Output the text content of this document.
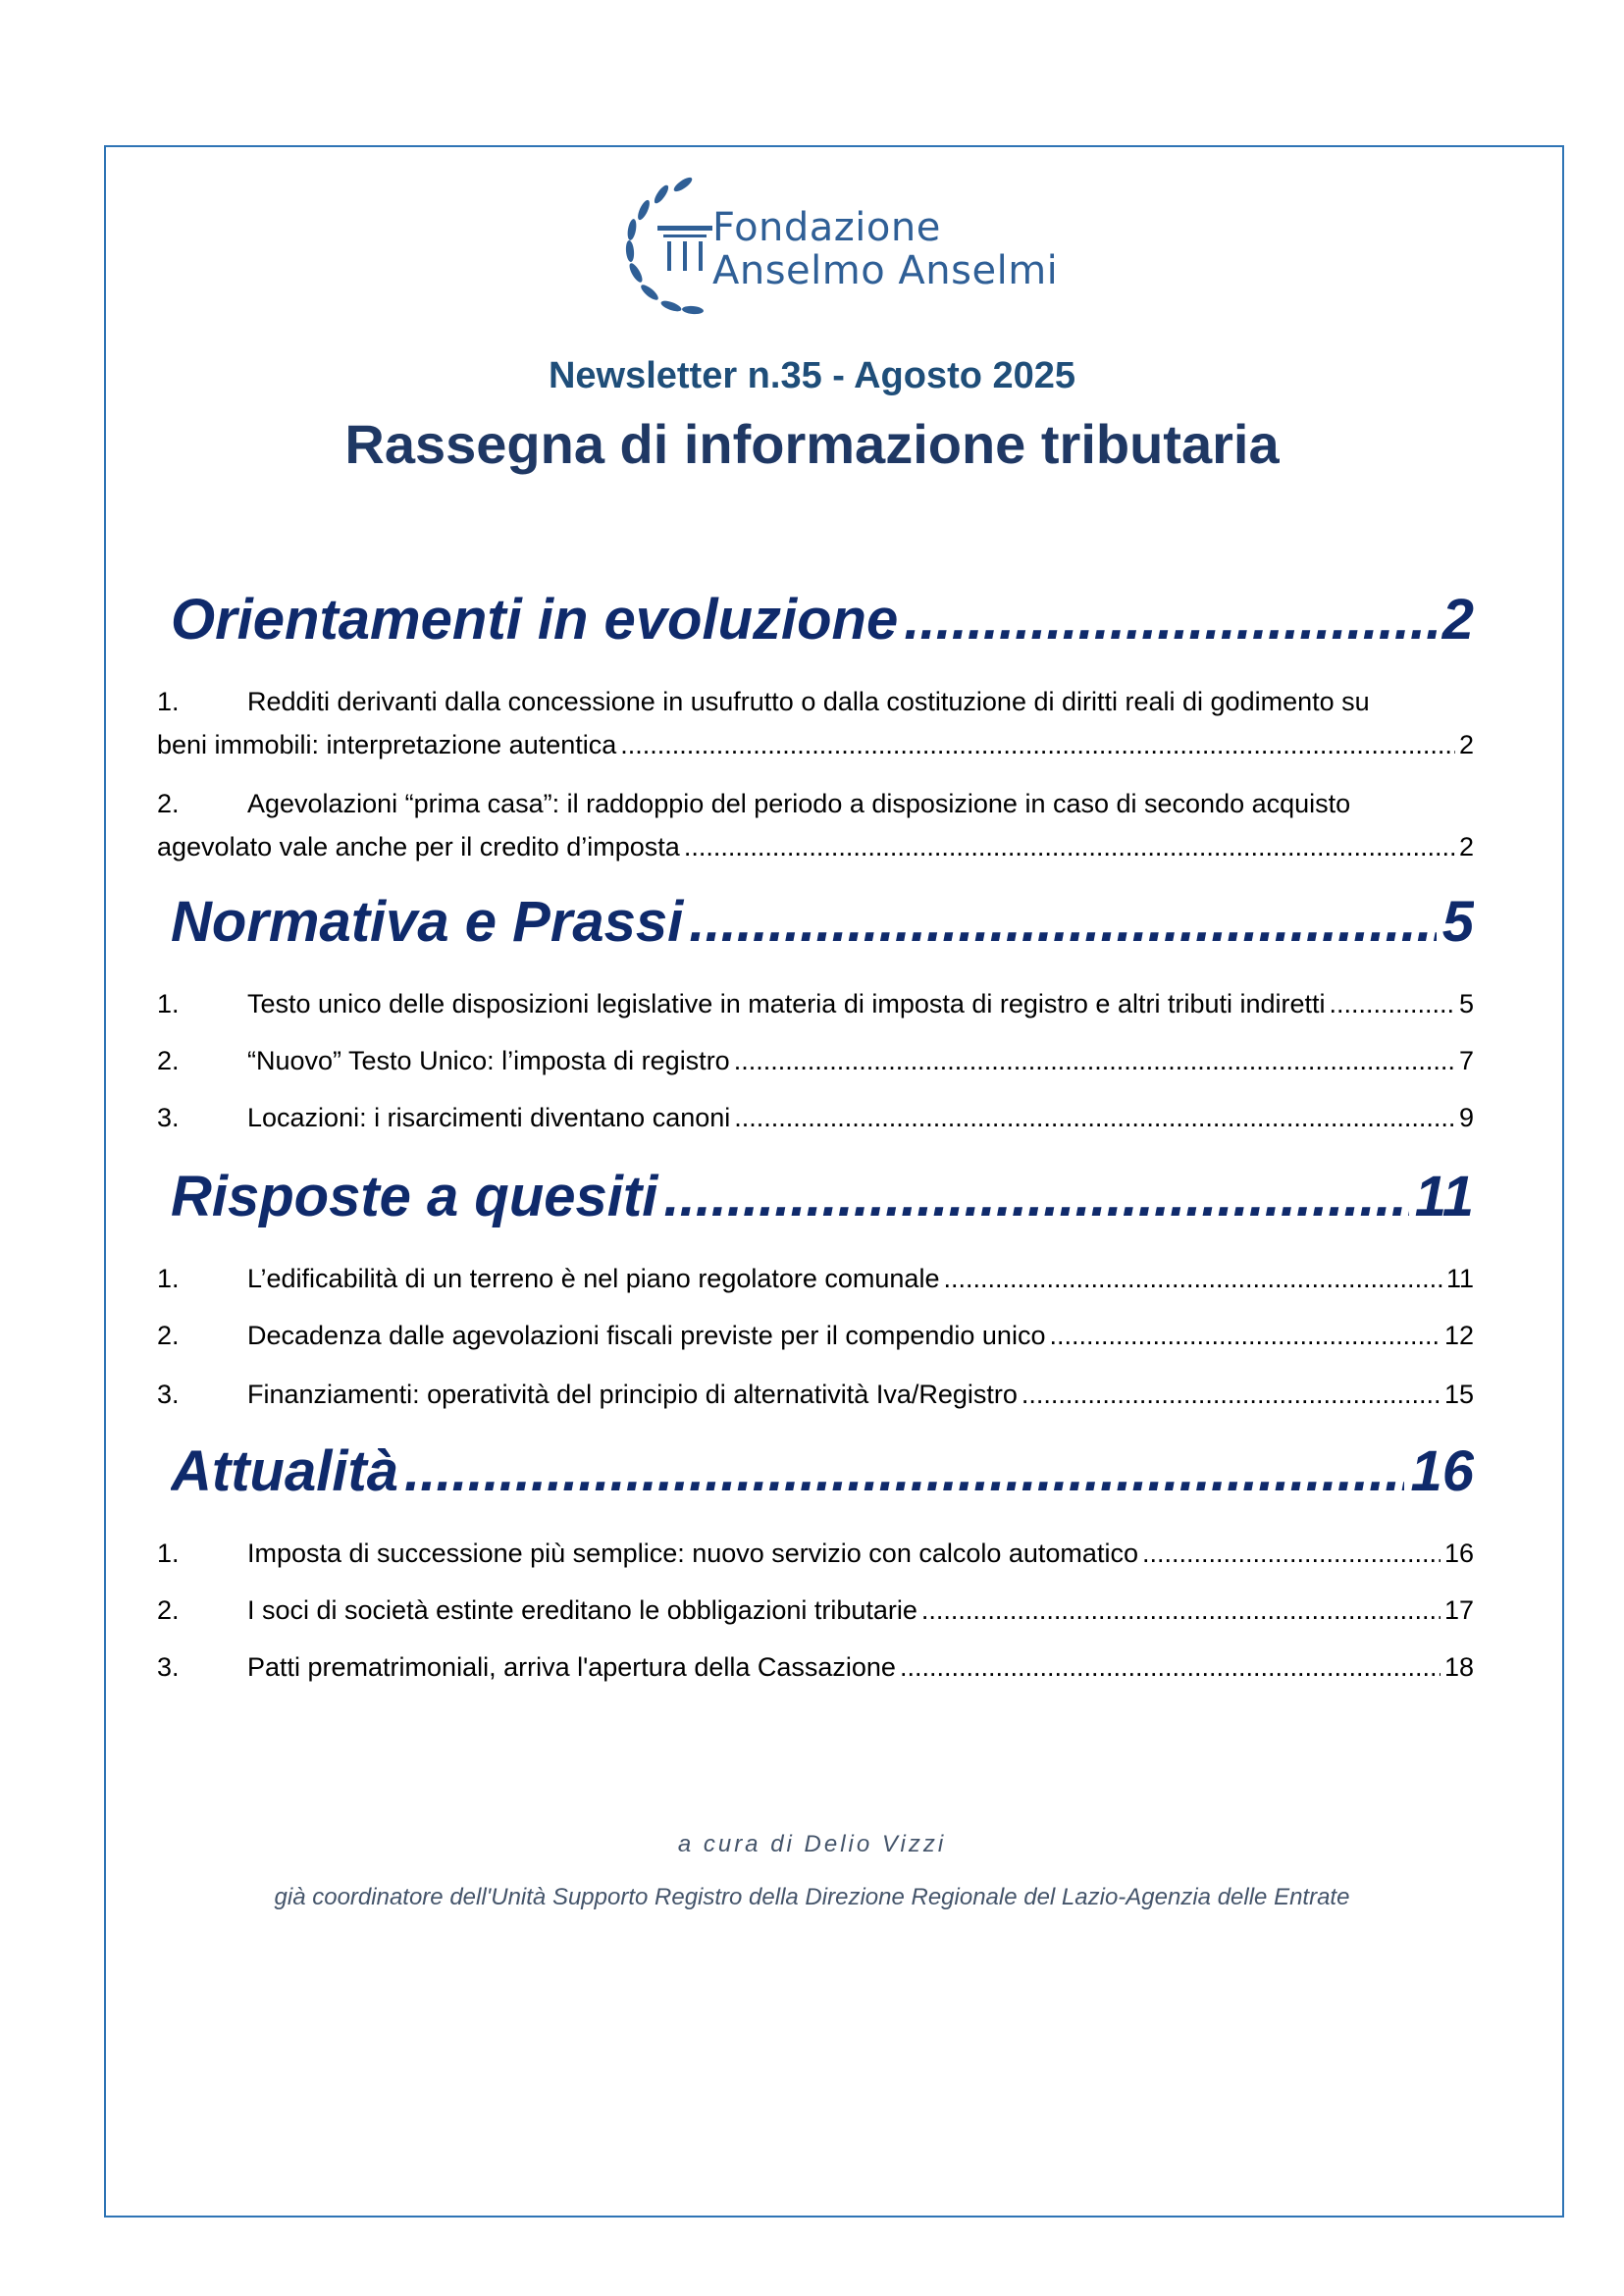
Fondazione
Anselmo Anselmi
Newsletter n.35 - Agosto 2025
Rassegna di informazione tributaria
Orientamenti in evoluzione .....	2
1.	Redditi derivanti dalla concessione in usufrutto o dalla costituzione di diritti reali di godimento su
beni immobili: interpretazione autentica .....	2
2.	Agevolazioni “prima casa”: il raddoppio del periodo a disposizione in caso di secondo acquisto
agevolato vale anche per il credito d’imposta .....	2
Normativa e Prassi .....	5
1.	Testo unico delle disposizioni legislative in materia di imposta di registro e altri tributi indiretti .....	5
2.	“Nuovo” Testo Unico: l’imposta di registro .....	7
3.	Locazioni: i risarcimenti diventano canoni .....	9
Risposte a quesiti .....	11
1.	L’edificabilità di un terreno è nel piano regolatore comunale .....	11
2.	Decadenza dalle agevolazioni fiscali previste per il compendio unico .....	12
3.	Finanziamenti: operatività del principio di alternatività Iva/Registro .....	15
Attualità .....	16
1.	Imposta di successione più semplice: nuovo servizio con calcolo automatico .....	16
2.	I soci di società estinte ereditano le obbligazioni tributarie .....	17
3.	Patti prematrimoniali, arriva l'apertura della Cassazione .....	18
a cura di Delio Vizzi
già coordinatore dell'Unità Supporto Registro della Direzione Regionale del Lazio-Agenzia delle Entrate
